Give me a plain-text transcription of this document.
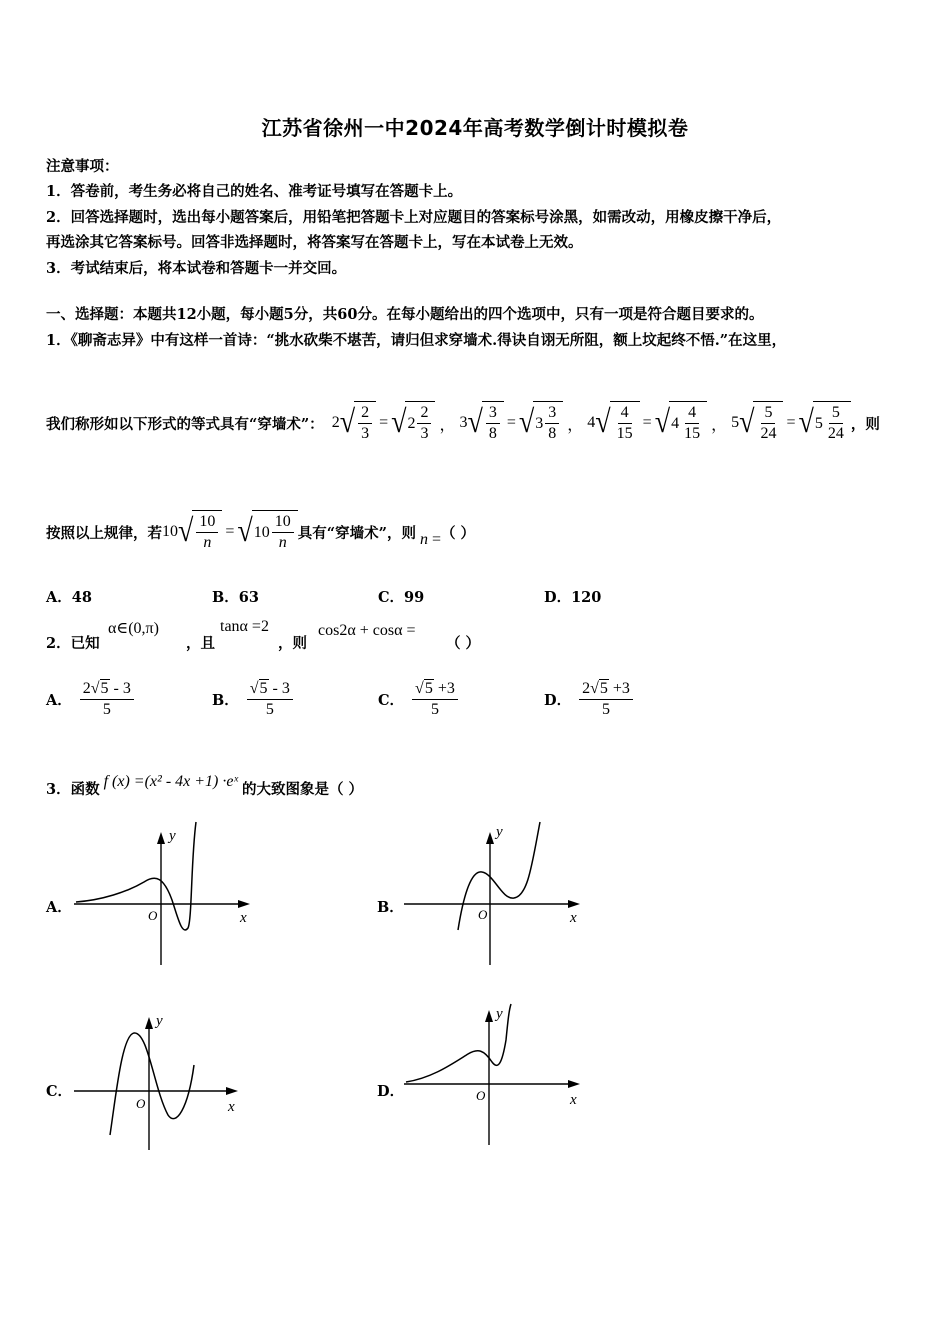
江苏省徐州一中2024年高考数学倒计时模拟卷
注意事项：
1．答卷前，考生务必将自己的姓名、准考证号填写在答题卡上。
2．回答选择题时，选出每小题答案后，用铅笔把答题卡上对应题目的答案标号涂黑，如需改动，用橡皮擦干净后，
再选涂其它答案标号。回答非选择题时，将答案写在答题卡上，写在本试卷上无效。
3．考试结束后，将本试卷和答题卡一并交回。
一、选择题：本题共12小题，每小题5分，共60分。在每小题给出的四个选项中，只有一项是符合题目要求的。
1．《聊斋志异》中有这样一首诗：“挑水砍柴不堪苦，请归但求穿墙术.得诀自诩无所阻，额上坟起终不悟.”在这里，
我们称形如以下形式的等式具有“穿墙术”： 2 √ $\frac{2}{3}$ = √ $2 \frac{2}{3}$ ， 3 √ $\frac{3}{8}$ = √ $3 \frac{3}{8}$ ， 4 √ $\frac{4}{15}$ = √ $4 \frac{4}{15}$ ， 5 √ $\frac{5}{24}$ = √ $5 \frac{5}{24}$ ，则
按照以上规律，若 10 √ $\frac{10}{n}$ = √ $10 \frac{10}{n}$ 具有“穿墙术”，则 n = （ ）
A．48	B．63	C．99	D．120
2．已知
α∈(0,π)
，且
tanα =2
，则
cos2α + cosα =
（ ）
A． $\frac{2√5 - 3}{5}$	B． $\frac{√5 - 3}{5}$	C． $\frac{√5 +3}{5}$	D． $\frac{2√5 +3}{5}$
3．函数 f (x) =(x² - 4x +1) ·eˣ 的大致图象是（ ）
A．	B．
C．	D．
y
x
O
y
x
O
y
x
O
y
x
O
